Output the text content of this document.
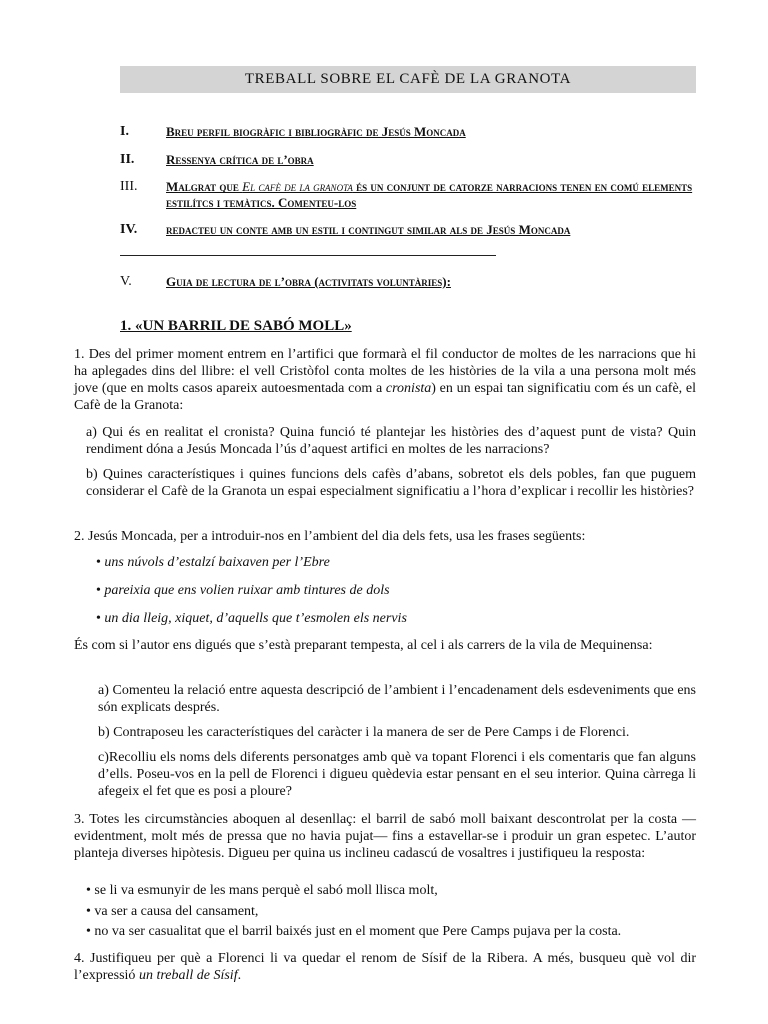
TREBALL SOBRE EL CAFÈ DE LA GRANOTA
I.	Breu perfil biogràfic i bibliogràfic de Jesús Moncada
II.	Ressenya crítica de l’obra
III.	Malgrat que El cafè de la granota és un conjunt de catorze narracions tenen en comú elements estilítcs i temàtics. Comenteu-los
IV.	redacteu un conte amb un estil i contingut similar als de Jesús Moncada
V.	Guia de lectura de l’obra (activitats voluntàries):
1. «UN BARRIL DE SABÓ MOLL»
1. Des del primer moment entrem en l’artifici que formarà el fil conductor de moltes de les narracions que hi ha aplegades dins del llibre: el vell Cristòfol conta moltes de les històries de la vila a una persona molt més jove (que en molts casos apareix autoesmentada com a cronista) en un espai tan significatiu com és un cafè, el Cafè de la Granota:
a) Qui és en realitat el cronista? Quina funció té plantejar les històries des d’aquest punt de vista? Quin rendiment dóna a Jesús Moncada l’ús d’aquest artifici en moltes de les narracions?
b) Quines característiques i quines funcions dels cafès d’abans, sobretot els dels pobles, fan que puguem considerar el Cafè de la Granota un espai especialment significatiu a l’hora d’explicar i recollir les històries?
2. Jesús Moncada, per a introduir-nos en l’ambient del dia dels fets, usa les frases següents:
• uns núvols d’estalzí baixaven per l’Ebre
• pareixia que ens volien ruixar amb tintures de dols
• un dia lleig, xiquet, d’aquells que t’esmolen els nervis
És com si l’autor ens digués que s’està preparant tempesta, al cel i als carrers de la vila de Mequinensa:
a) Comenteu la relació entre aquesta descripció de l’ambient i l’encadenament dels esdeveniments que ens són explicats després.
b) Contraposeu les característiques del caràcter i la manera de ser de Pere Camps i de Florenci.
c)Recolliu els noms dels diferents personatges amb què va topant Florenci i els comentaris que fan alguns d’ells. Poseu-vos en la pell de Florenci i digueu quèdevia estar pensant en el seu interior. Quina càrrega li afegeix el fet que es posi a ploure?
3. Totes les circumstàncies aboquen al desenllaç: el barril de sabó moll baixant descontrolat per la costa —evidentment, molt més de pressa que no havia pujat— fins a estavellar-se i produir un gran espetec. L’autor planteja diverses hipòtesis. Digueu per quina us inclineu cadascú de vosaltres i justifiqueu la resposta:
• se li va esmunyir de les mans perquè el sabó moll llisca molt,
• va ser a causa del cansament,
• no va ser casualitat que el barril baixés just en el moment que Pere Camps pujava per la costa.
4. Justifiqueu per què a Florenci li va quedar el renom de Sísif de la Ribera. A més, busqueu què vol dir l’expressió un treball de Sísif.
